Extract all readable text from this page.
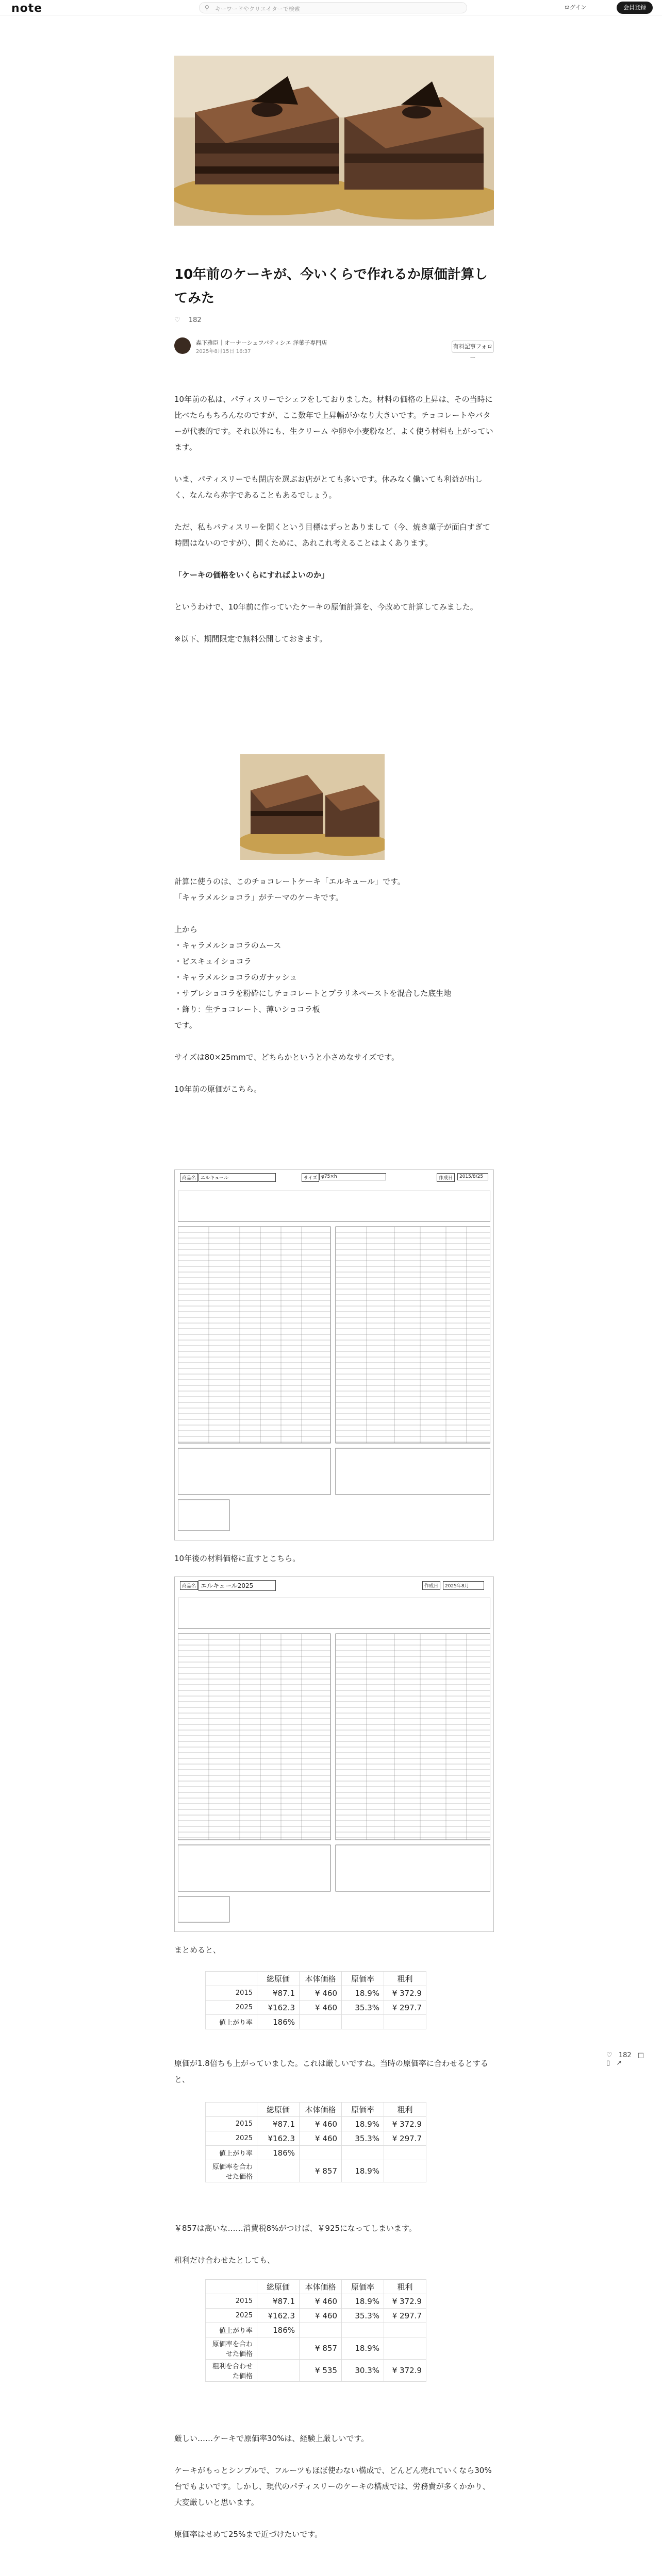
note	⚲ キーワードやクリエイターで検索	ログイン	会員登録
10年前のケーキが、今いくらで作れるか原価計算してみた
♡ 182
森下雅臣｜オーナーシェフパティシエ 洋菓子専門店
2025年8月15日 16:37
有料記事フォロー

10年前の私は、パティスリーでシェフをしておりました。材料の価格の上昇は、その当時に比べたらもちろんなのですが、ここ数年で上昇幅がかなり大きいです。チョコレートやバターが代表的です。それ以外にも、生クリーム や卵や小麦粉など、よく使う材料も上がっています。

いま、パティスリーでも閉店を選ぶお店がとても多いです。休みなく働いても利益が出しく、なんなら赤字であることもあるでしょう。

ただ、私もパティスリーを開くという目標はずっとありまして（今、焼き菓子が面白すぎて時間はないのですが）、開くために、あれこれ考えることはよくあります。

「ケーキの価格をいくらにすればよいのか」

というわけで、10年前に作っていたケーキの原価計算を、今改めて計算してみました。

※以下、期間限定で無料公開しておきます。

計算に使うのは、このチョコレートケーキ「エルキュール」です。

「キャラメルショコラ」がテーマのケーキです。

上から

・キャラメルショコラのムース

・ビスキュイショコラ

・キャラメルショコラのガナッシュ

・サブレショコラを粉砕にしチョコレートとプラリネペーストを混合した底生地

・飾り：生チョコレート、薄いショコラ板

です。

サイズは80×25mmで、どちらかというと小さめなサイズです。

10年前の原価がこちら。

商品名 エルキュール	サイズ φ75×h	作成日	2015/8/25

10年後の材料価格に直すとこちら。

商品名 エルキュール2025	作成日	2025年8月
♡ 182 □ ▯ ↗

まとめると、

	総原価	本体価格	原価率	粗利
2015	¥87.1	¥ 460	18.9%	¥ 372.9
2025	¥162.3	¥ 460	35.3%	¥ 297.7
値上がり率	186%			

原価が1.8倍ちも上がっていました。これは厳しいですね。当時の原価率に合わせるとすると、

	総原価	本体価格	原価率	粗利
2015	¥87.1	¥ 460	18.9%	¥ 372.9
2025	¥162.3	¥ 460	35.3%	¥ 297.7
値上がり率	186%			
原価率を合わせた価格		¥ 857	18.9%	

￥857は高いな……消費税8%がつけば、￥925になってしまいます。

粗利だけ合わせたとしても、

	総原価	本体価格	原価率	粗利
2015	¥87.1	¥ 460	18.9%	¥ 372.9
2025	¥162.3	¥ 460	35.3%	¥ 297.7
値上がり率	186%			
原価率を合わせた価格		¥ 857	18.9%	
粗利を合わせた価格		¥ 535	30.3%	¥ 372.9

厳しい……ケーキで原価率30%は、経験上厳しいです。

ケーキがもっとシンプルで、フルーツもほぼ使わない構成で、どんどん売れていくなら30%台でもよいです。しかし、現代のパティスリーのケーキの構成では、労務費が多くかかり、大変厳しいと思います。

原価率はせめて25%まで近づけたいです。
